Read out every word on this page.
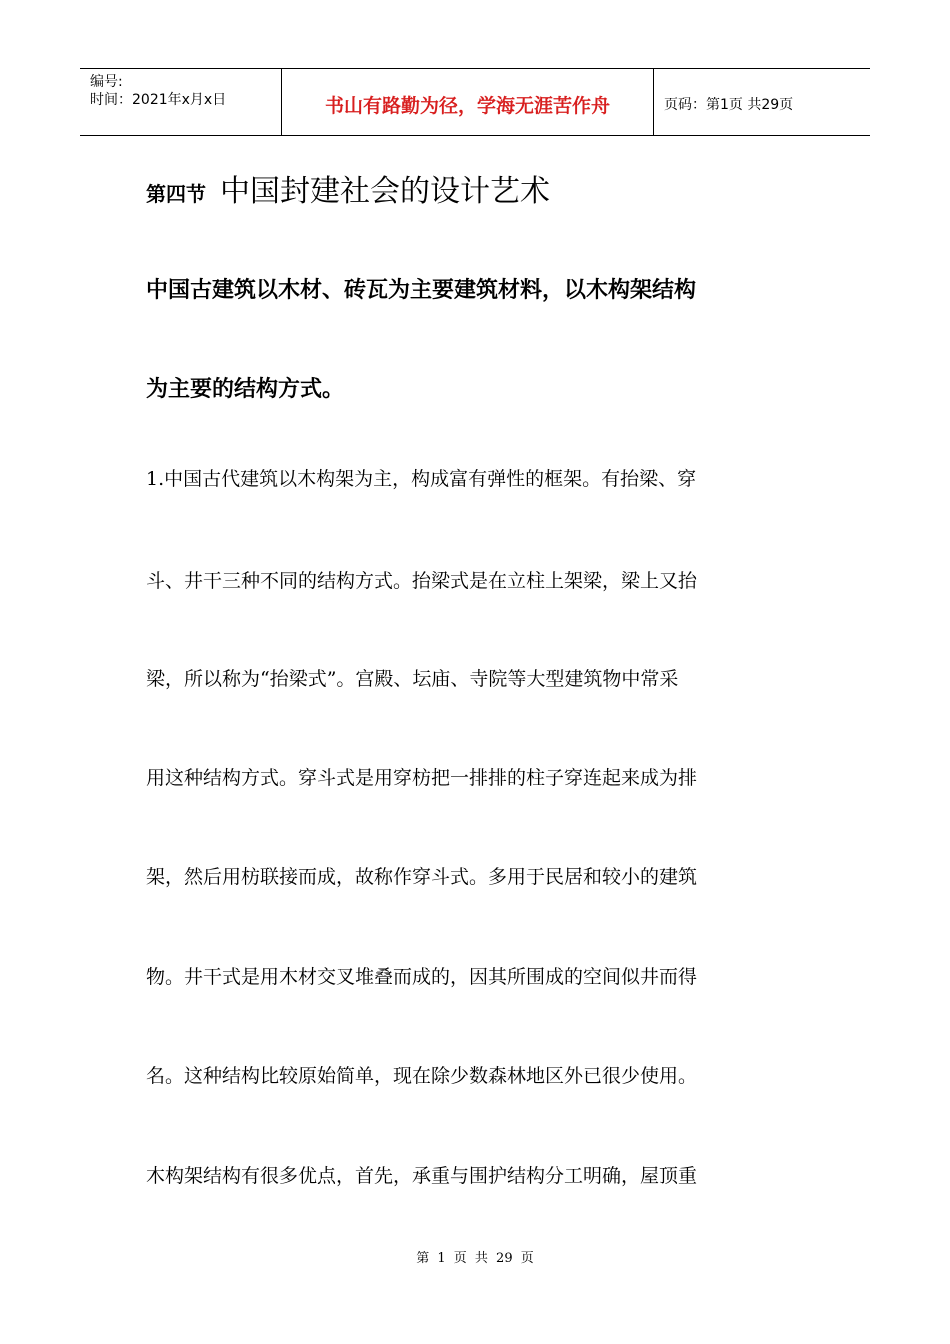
编号:
时间：2021年x月x日	书山有路勤为径，学海无涯苦作舟	页码：第1页 共29页
第四节 中国封建社会的设计艺术
中国古建筑以木材、砖瓦为主要建筑材料，以木构架结构
为主要的结构方式。
1.中国古代建筑以木构架为主，构成富有弹性的框架。有抬梁、穿
斗、井干三种不同的结构方式。抬梁式是在立柱上架梁，梁上又抬
梁，所以称为“抬梁式”。宫殿、坛庙、寺院等大型建筑物中常采
用这种结构方式。穿斗式是用穿枋把一排排的柱子穿连起来成为排
架，然后用枋联接而成，故称作穿斗式。多用于民居和较小的建筑
物。井干式是用木材交叉堆叠而成的，因其所围成的空间似井而得
名。这种结构比较原始简单，现在除少数森林地区外已很少使用。
木构架结构有很多优点，首先，承重与围护结构分工明确，屋顶重
第 1 页 共 29 页
